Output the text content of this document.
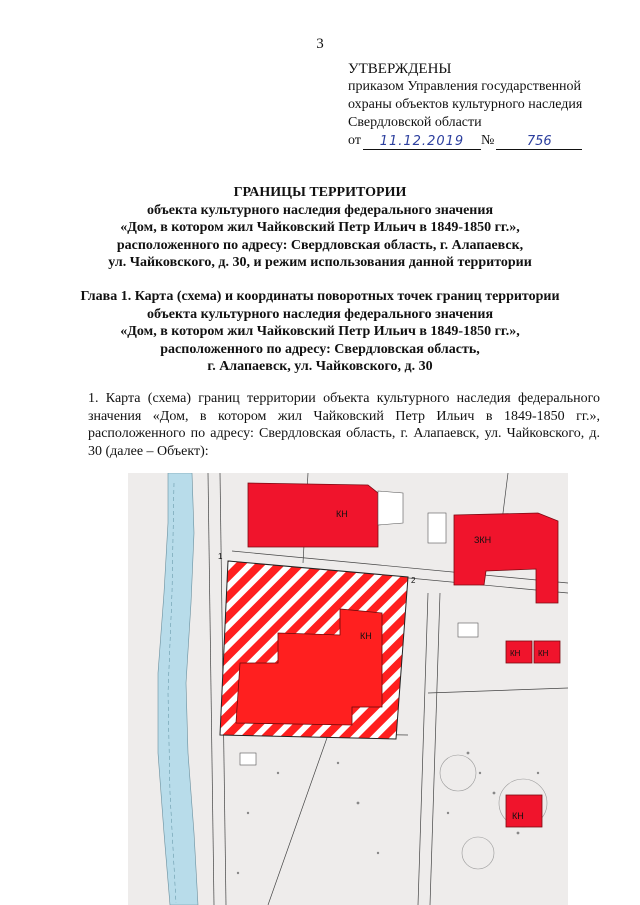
3
УТВЕРЖДЕНЫ
приказом Управления государственной
охраны объектов культурного наследия
Свердловской области
от	11.12.2019	№	756
ГРАНИЦЫ ТЕРРИТОРИИ
объекта культурного наследия федерального значения
«Дом, в котором жил Чайковский Петр Ильич в 1849-1850 гг.»,
расположенного по адресу: Свердловская область, г. Алапаевск,
ул. Чайковского, д. 30, и режим использования данной территории
Глава 1. Карта (схема) и координаты поворотных точек границ территории
объекта культурного наследия федерального значения
«Дом, в котором жил Чайковский Петр Ильич в 1849-1850 гг.»,
расположенного по адресу: Свердловская область,
г. Алапаевск, ул. Чайковского, д. 30
1. Карта (схема) границ территории объекта культурного наследия федерального значения «Дом, в котором жил Чайковский Петр Ильич в 1849-1850 гг.», расположенного по адресу: Свердловская область, г. Алапаевск, ул. Чайковского, д. 30 (далее – Объект):
КН
ЗКН
КН
1
2
КН КН
КН
